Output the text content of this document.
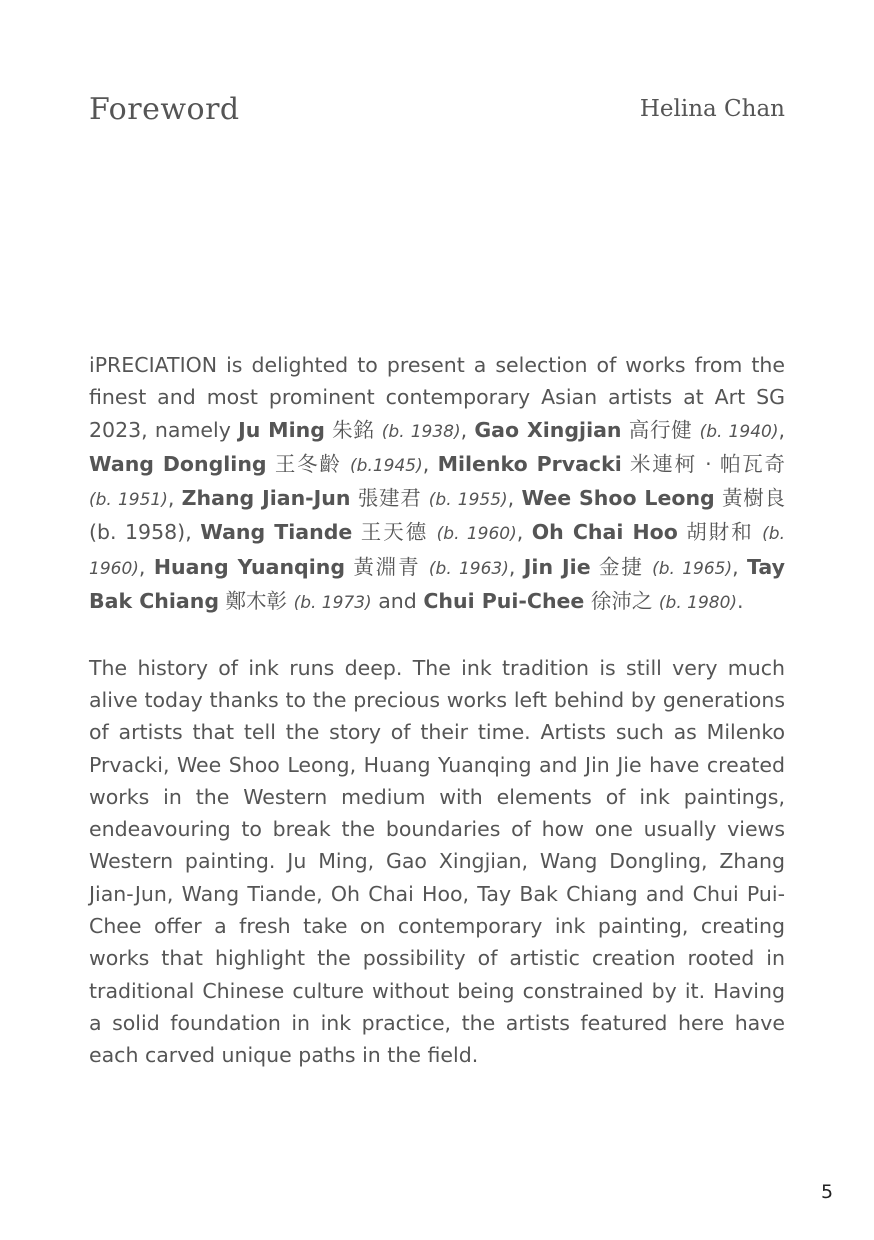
Foreword	Helina Chan

iPRECIATION is delighted to present a selection of works from the finest and most prominent contemporary Asian artists at Art SG 2023, namely Ju Ming 朱銘 (b. 1938), Gao Xingjian 高行健 (b. 1940), Wang Dongling 王冬齡 (b.1945), Milenko Prvacki 米連柯 · 帕瓦奇 (b. 1951), Zhang Jian-Jun 張建君 (b. 1955), Wee Shoo Leong 黃樹良 (b. 1958), Wang Tiande 王天德 (b. 1960), Oh Chai Hoo 胡財和 (b. 1960), Huang Yuanqing 黃淵青 (b. 1963), Jin Jie 金捷 (b. 1965), Tay Bak Chiang 鄭木彰 (b. 1973) and Chui Pui-Chee 徐沛之 (b. 1980).

The history of ink runs deep. The ink tradition is still very much alive today thanks to the precious works left behind by generations of artists that tell the story of their time. Artists such as Milenko Prvacki, Wee Shoo Leong, Huang Yuanqing and Jin Jie have created works in the Western medium with elements of ink paintings, endeavouring to break the boundaries of how one usually views Western painting. Ju Ming, Gao Xingjian, Wang Dongling, Zhang Jian-Jun, Wang Tiande, Oh Chai Hoo, Tay Bak Chiang and Chui Pui-Chee offer a fresh take on contemporary ink painting, creating works that highlight the possibility of artistic creation rooted in traditional Chinese culture without being constrained by it. Having a solid foundation in ink practice, the artists featured here have each carved unique paths in the field.

5
